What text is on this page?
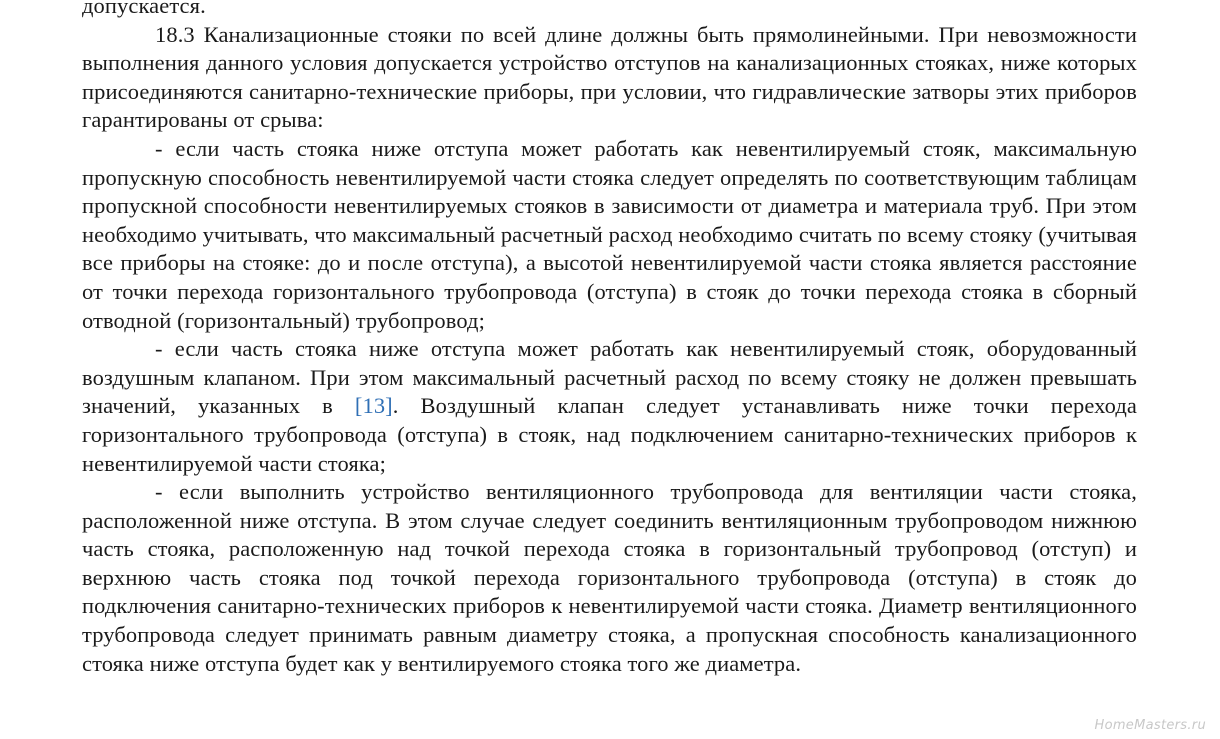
допускается.

18.3 Канализационные стояки по всей длине должны быть прямолинейными. При невозможности выполнения данного условия допускается устройство отступов на канализационных стояках, ниже которых присоединяются санитарно-технические приборы, при условии, что гидравлические затворы этих приборов гарантированы от срыва:

- если часть стояка ниже отступа может работать как невентилируемый стояк, максимальную пропускную способность невентилируемой части стояка следует определять по соответствующим таблицам пропускной способности невентилируемых стояков в зависимости от диаметра и материала труб. При этом необходимо учитывать, что максимальный расчетный расход необходимо считать по всему стояку (учитывая все приборы на стояке: до и после отступа), а высотой невентилируемой части стояка является расстояние от точки перехода горизонтального трубопровода (отступа) в стояк до точки перехода стояка в сборный отводной (горизонтальный) трубопровод;

- если часть стояка ниже отступа может работать как невентилируемый стояк, оборудованный воздушным клапаном. При этом максимальный расчетный расход по всему стояку не должен превышать значений, указанных в [13]. Воздушный клапан следует устанавливать ниже точки перехода горизонтального трубопровода (отступа) в стояк, над подключением санитарно-технических приборов к невентилируемой части стояка;

- если выполнить устройство вентиляционного трубопровода для вентиляции части стояка, расположенной ниже отступа. В этом случае следует соединить вентиляционным трубопроводом нижнюю часть стояка, расположенную над точкой перехода стояка в горизонтальный трубопровод (отступ) и верхнюю часть стояка под точкой перехода горизонтального трубопровода (отступа) в стояк до подключения санитарно-технических приборов к невентилируемой части стояка. Диаметр вентиляционного трубопровода следует принимать равным диаметру стояка, а пропускная способность канализационного стояка ниже отступа будет как у вентилируемого стояка того же диаметра.

HomeMasters.ru
